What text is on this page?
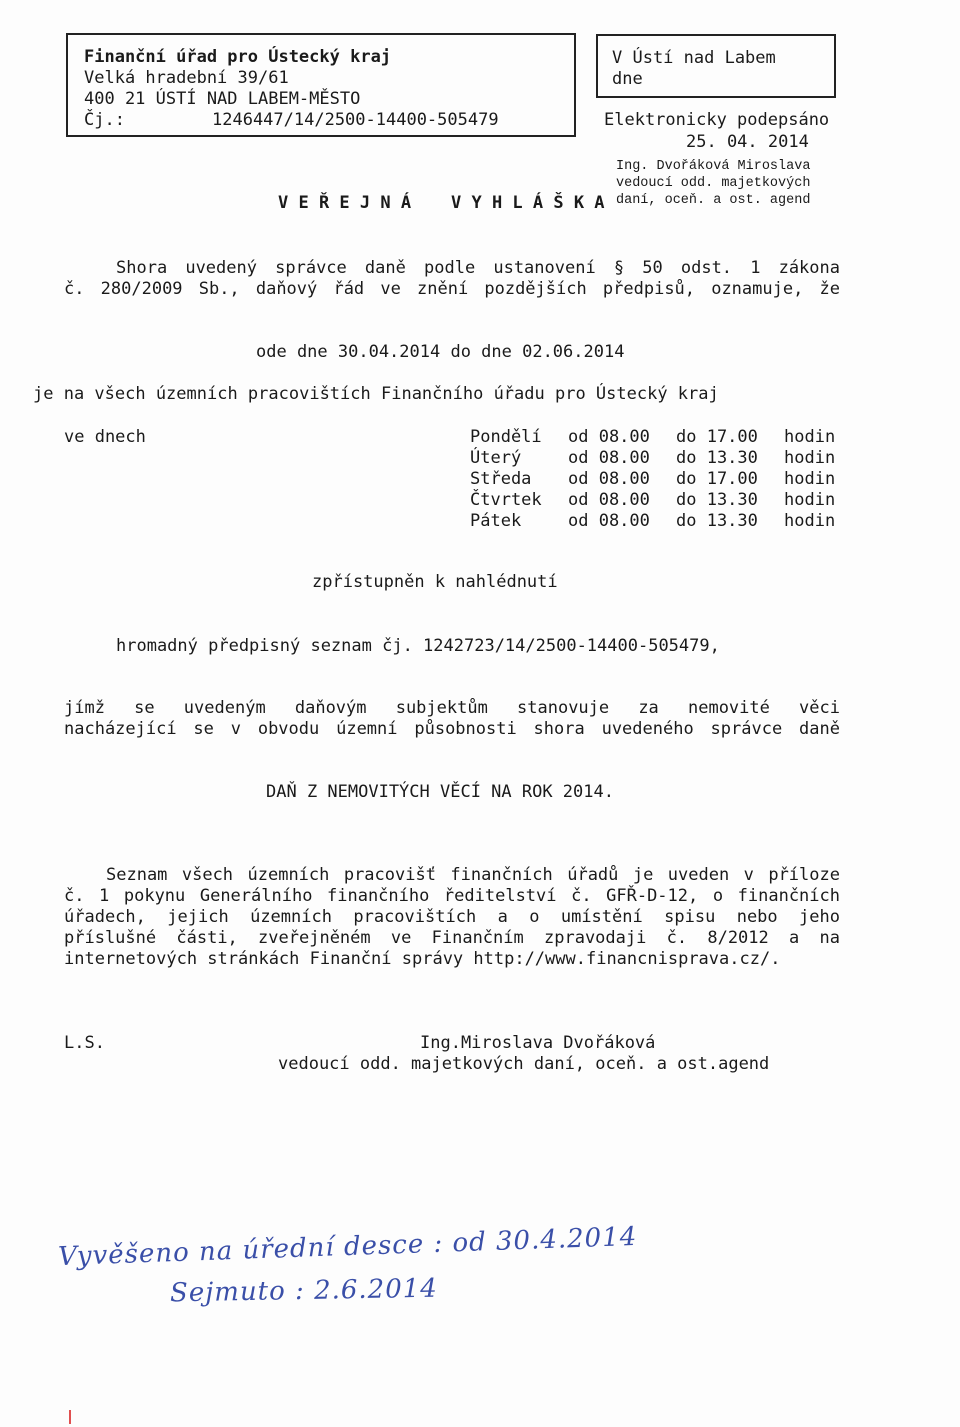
Finanční úřad pro Ústecký kraj
Velká hradební 39/61
400 21 ÚSTÍ NAD LABEM-MĚSTO
Čj.:	1246447/14/2500-14400-505479
V Ústí nad Labem
dne
Elektronicky podepsáno
25. 04. 2014
Ing. Dvořáková Miroslava
vedoucí odd. majetkových
daní, oceň. a ost. agend
V E Ř E J N Á V Y H L Á Š K A
Shora uvedený správce daně podle ustanovení § 50 odst. 1 zákona
č. 280/2009 Sb., daňový řád ve znění pozdějších předpisů, oznamuje, že
ode dne 30.04.2014 do dne 02.06.2014
je na všech územních pracovištích Finančního úřadu pro Ústecký kraj
ve dnech	Pondělí	od 08.00	do 17.00	hodin
Úterý	od 08.00	do 13.30	hodin
Středa	od 08.00	do 17.00	hodin
Čtvrtek	od 08.00	do 13.30	hodin
Pátek	od 08.00	do 13.30	hodin
zpřístupněn k nahlédnutí
hromadný předpisný seznam čj. 1242723/14/2500-14400-505479,
jímž se uvedeným daňovým subjektům stanovuje za nemovité věci
nacházející se v obvodu územní působnosti shora uvedeného správce daně
DAŇ Z NEMOVITÝCH VĚCÍ NA ROK 2014.
Seznam všech územních pracovišť finančních úřadů je uveden v příloze
č. 1 pokynu Generálního finančního ředitelství č. GFŘ-D-12, o finančních
úřadech, jejich územních pracovištích a o umístění spisu nebo jeho
příslušné části, zveřejněném ve Finančním zpravodaji č. 8/2012 a na
internetových stránkách Finanční správy http://www.financnisprava.cz/.
L.S.	Ing.Miroslava Dvořáková
vedoucí odd. majetkových daní, oceň. a ost.agend
Vyvěšeno na úřední desce : od 30.4.2014
Sejmuto : 2.6.2014
